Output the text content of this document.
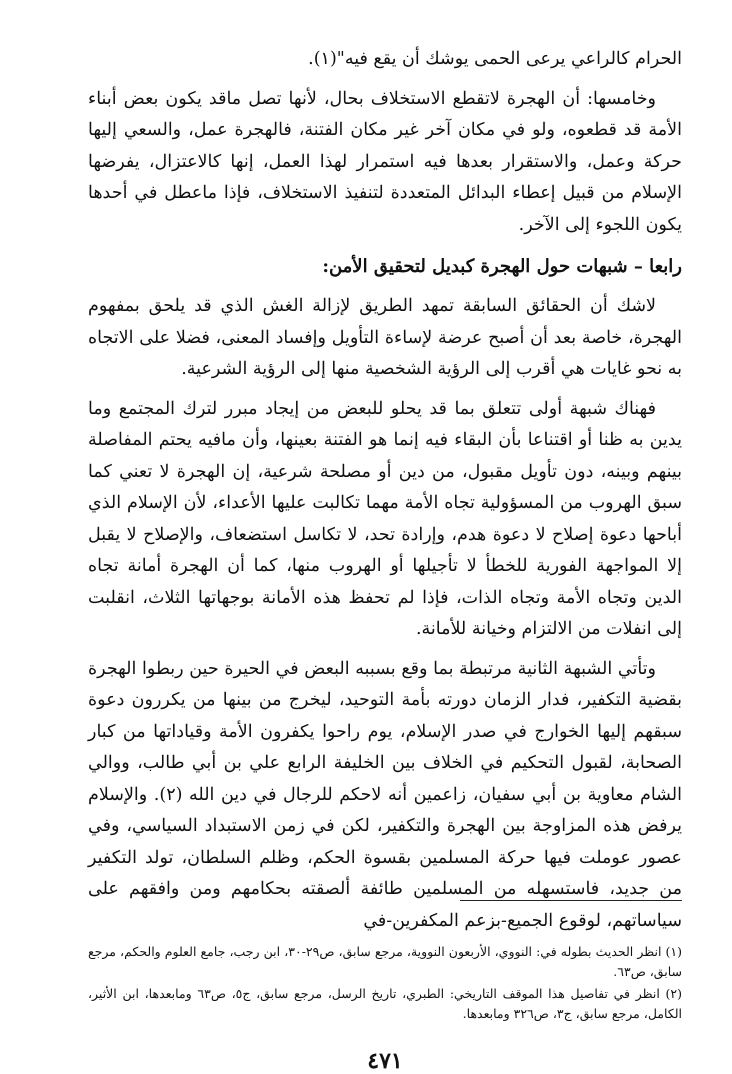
الحرام كالراعي يرعى الحمى يوشك أن يقع فيه"(١).

وخامسها: أن الهجرة لاتقطع الاستخلاف بحال، لأنها تصل ماقد يكون بعض أبناء الأمة قد قطعوه، ولو في مكان آخر غير مكان الفتنة، فالهجرة عمل، والسعي إليها حركة وعمل، والاستقرار بعدها فيه استمرار لهذا العمل، إنها كالاعتزال، يفرضها الإسلام من قبيل إعطاء البدائل المتعددة لتنفيذ الاستخلاف، فإذا ماعطل في أحدها يكون اللجوء إلى الآخر.

رابعا – شبهات حول الهجرة كبديل لتحقيق الأمن:

لاشك أن الحقائق السابقة تمهد الطريق لإزالة الغش الذي قد يلحق بمفهوم الهجرة، خاصة بعد أن أصبح عرضة لإساءة التأويل وإفساد المعنى، فضلا على الاتجاه به نحو غايات هي أقرب إلى الرؤية الشخصية منها إلى الرؤية الشرعية.

فهناك شبهة أولى تتعلق بما قد يحلو للبعض من إيجاد مبرر لترك المجتمع وما يدين به ظنا أو اقتناعا بأن البقاء فيه إنما هو الفتنة بعينها، وأن مافيه يحتم المفاصلة بينهم وبينه، دون تأويل مقبول، من دين أو مصلحة شرعية، إن الهجرة لا تعني كما سبق الهروب من المسؤولية تجاه الأمة مهما تكالبت عليها الأعداء، لأن الإسلام الذي أباحها دعوة إصلاح لا دعوة هدم، وإرادة تحد، لا تكاسل استضعاف، والإصلاح لا يقبل إلا المواجهة الفورية للخطأ لا تأجيلها أو الهروب منها، كما أن الهجرة أمانة تجاه الدين وتجاه الأمة وتجاه الذات، فإذا لم تحفظ هذه الأمانة بوجهاتها الثلاث، انقلبت إلى انفلات من الالتزام وخيانة للأمانة.

وتأتي الشبهة الثانية مرتبطة بما وقع بسببه البعض في الحيرة حين ربطوا الهجرة بقضية التكفير، فدار الزمان دورته بأمة التوحيد، ليخرج من بينها من يكررون دعوة سبقهم إليها الخوارج في صدر الإسلام، يوم راحوا يكفرون الأمة وقياداتها من كبار الصحابة، لقبول التحكيم في الخلاف بين الخليفة الرابع علي بن أبي طالب، ووالي الشام معاوية بن أبي سفيان، زاعمين أنه لاحكم للرجال في دين الله (٢). والإسلام يرفض هذه المزاوجة بين الهجرة والتكفير، لكن في زمن الاستبداد السياسي، وفي عصور عوملت فيها حركة المسلمين بقسوة الحكم، وظلم السلطان، تولد التكفير من جديد، فاستسهله من المسلمين طائفة ألصقته بحكامهم ومن وافقهم على سياساتهم، لوقوع الجميع-بزعم المكفرين-في

(١) انظر الحديث بطوله في: النووي، الأربعون النووية، مرجع سابق، ص٢٩-٣٠، ابن رجب، جامع العلوم والحكم، مرجع سابق، ص٦٣.

(٢) انظر في تفاصيل هذا الموقف التاريخي: الطبري، تاريخ الرسل، مرجع سابق، ج٥، ص٦٣ ومابعدها، ابن الأثير، الكامل، مرجع سابق، ج٣، ص٣٢٦ ومابعدها.

٤٧١
